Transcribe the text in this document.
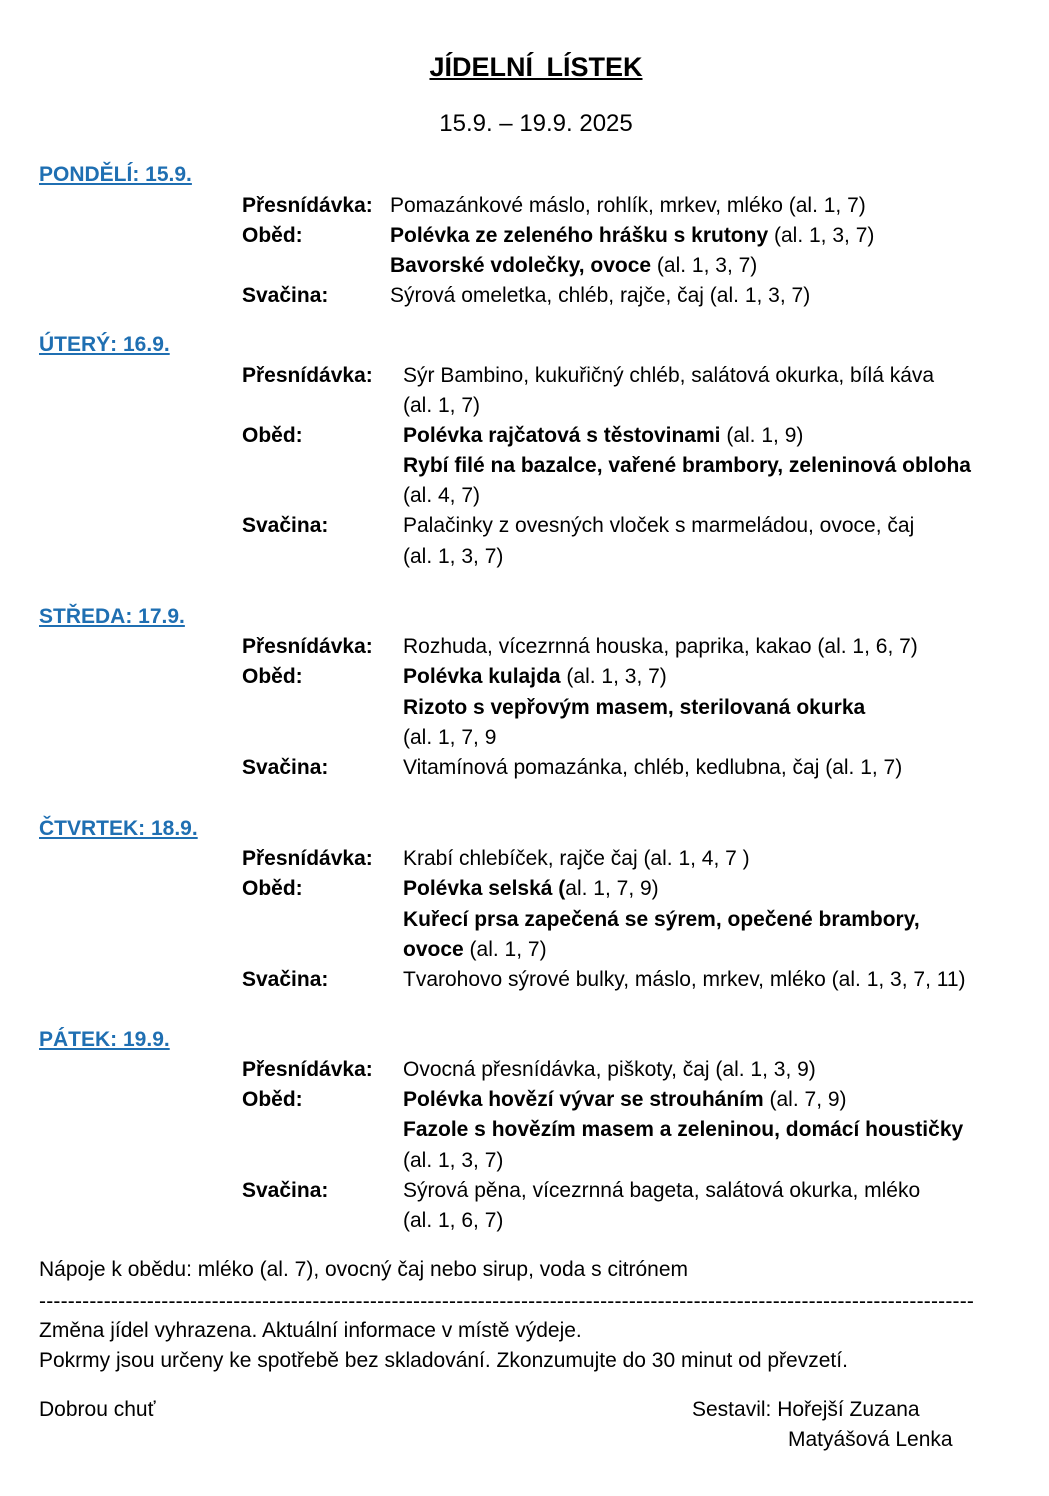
JÍDELNÍ LÍSTEK
15.9. – 19.9. 2025
PONDĚLÍ: 15.9.
Přesnídávka: Pomazánkové máslo, rohlík, mrkev, mléko (al. 1, 7)
Oběd:	Polévka ze zeleného hrášku s krutony (al. 1, 3, 7)
Bavorské vdolečky, ovoce (al. 1, 3, 7)
Svačina:	Sýrová omeletka, chléb, rajče, čaj (al. 1, 3, 7)
ÚTERÝ: 16.9.
Přesnídávka: Sýr Bambino, kukuřičný chléb, salátová okurka, bílá káva
(al. 1, 7)
Oběd:	Polévka rajčatová s těstovinami (al. 1, 9)
Rybí filé na bazalce, vařené brambory, zeleninová obloha
(al. 4, 7)
Svačina:	Palačinky z ovesných vloček s marmeládou, ovoce, čaj
(al. 1, 3, 7)
STŘEDA: 17.9.
Přesnídávka: Rozhuda, vícezrnná houska, paprika, kakao (al. 1, 6, 7)
Oběd:	Polévka kulajda (al. 1, 3, 7)
Rizoto s vepřovým masem, sterilovaná okurka
(al. 1, 7, 9
Svačina:	Vitamínová pomazánka, chléb, kedlubna, čaj (al. 1, 7)
ČTVRTEK: 18.9.
Přesnídávka: Krabí chlebíček, rajče čaj (al. 1, 4, 7 )
Oběd:	Polévka selská (al. 1, 7, 9)
Kuřecí prsa zapečená se sýrem, opečené brambory,
ovoce (al. 1, 7)
Svačina:	Tvarohovo sýrové bulky, máslo, mrkev, mléko (al. 1, 3, 7, 11)
PÁTEK: 19.9.
Přesnídávka: Ovocná přesnídávka, piškoty, čaj (al. 1, 3, 9)
Oběd:	Polévka hovězí vývar se strouháním (al. 7, 9)
Fazole s hovězím masem a zeleninou, domácí houstičky
(al. 1, 3, 7)
Svačina:	Sýrová pěna, vícezrnná bageta, salátová okurka, mléko
(al. 1, 6, 7)
Nápoje k obědu: mléko (al. 7), ovocný čaj nebo sirup, voda s citrónem
----------------------------------------------------------------------------------------------------------------------------------
Změna jídel vyhrazena. Aktuální informace v místě výdeje.
Pokrmy jsou určeny ke spotřebě bez skladování. Zkonzumujte do 30 minut od převzetí.
Dobrou chuť	Sestavil: Hořejší Zuzana
Matyášová Lenka
